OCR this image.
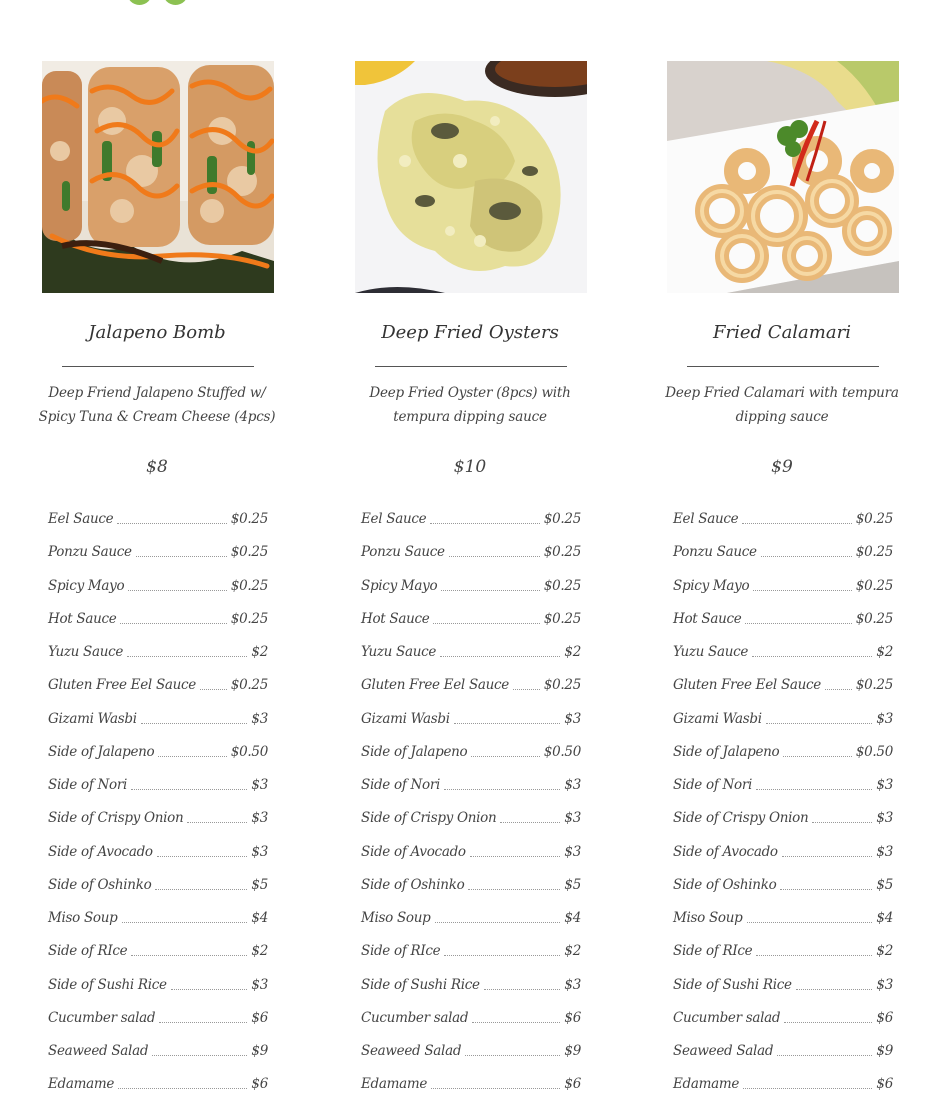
Jalapeno Bomb
Deep Friend Jalapeno Stuffed w/ Spicy Tuna & Cream Cheese (4pcs)
$8
Eel Sauce	$0.25
Ponzu Sauce	$0.25
Spicy Mayo	$0.25
Hot Sauce	$0.25
Yuzu Sauce	$2
Gluten Free Eel Sauce	$0.25
Gizami Wasbi	$3
Side of Jalapeno	$0.50
Side of Nori	$3
Side of Crispy Onion	$3
Side of Avocado	$3
Side of Oshinko	$5
Miso Soup	$4
Side of RIce	$2
Side of Sushi Rice	$3
Cucumber salad	$6
Seaweed Salad	$9
Edamame	$6
Deep Fried Oysters
Deep Fried Oyster (8pcs) with tempura dipping sauce
$10
Eel Sauce	$0.25
Ponzu Sauce	$0.25
Spicy Mayo	$0.25
Hot Sauce	$0.25
Yuzu Sauce	$2
Gluten Free Eel Sauce	$0.25
Gizami Wasbi	$3
Side of Jalapeno	$0.50
Side of Nori	$3
Side of Crispy Onion	$3
Side of Avocado	$3
Side of Oshinko	$5
Miso Soup	$4
Side of RIce	$2
Side of Sushi Rice	$3
Cucumber salad	$6
Seaweed Salad	$9
Edamame	$6
Fried Calamari
Deep Fried Calamari with tempura dipping sauce
$9
Eel Sauce	$0.25
Ponzu Sauce	$0.25
Spicy Mayo	$0.25
Hot Sauce	$0.25
Yuzu Sauce	$2
Gluten Free Eel Sauce	$0.25
Gizami Wasbi	$3
Side of Jalapeno	$0.50
Side of Nori	$3
Side of Crispy Onion	$3
Side of Avocado	$3
Side of Oshinko	$5
Miso Soup	$4
Side of RIce	$2
Side of Sushi Rice	$3
Cucumber salad	$6
Seaweed Salad	$9
Edamame	$6
